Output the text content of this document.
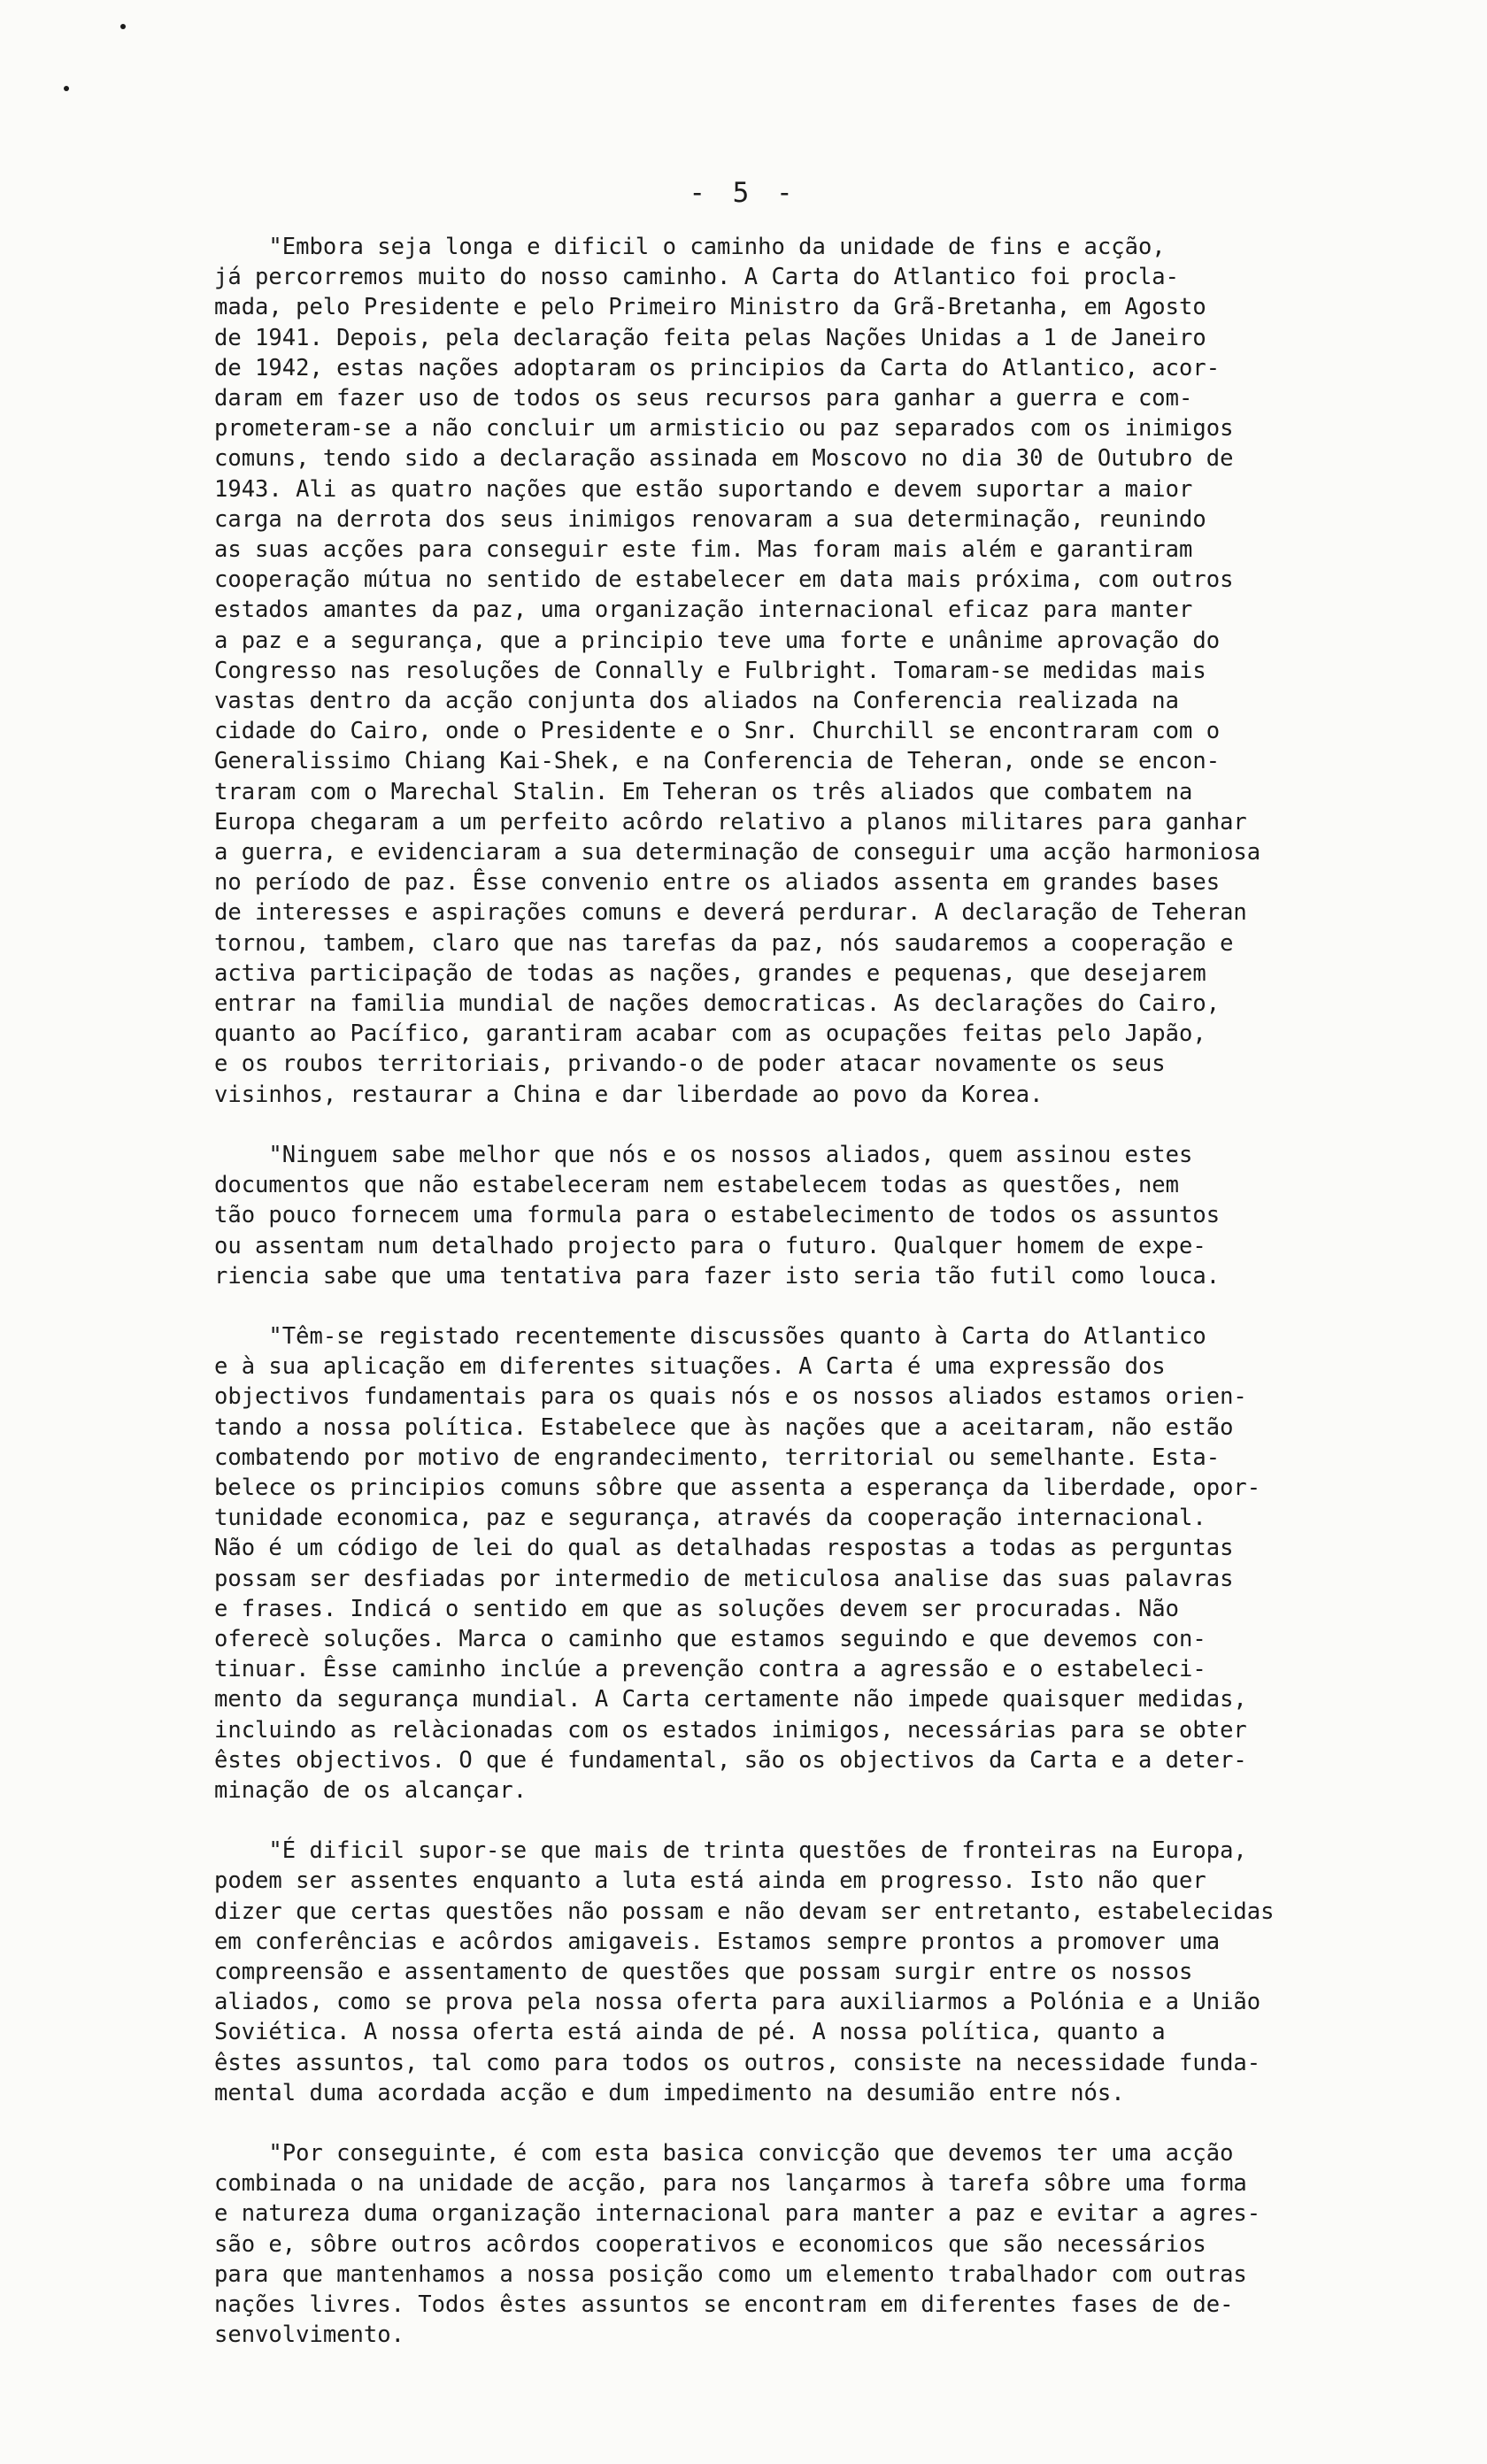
- 5 -

"Embora seja longa e dificil o caminho da unidade de fins e acção,
já percorremos muito do nosso caminho. A Carta do Atlantico foi procla-
mada, pelo Presidente e pelo Primeiro Ministro da Grã-Bretanha, em Agosto
de 1941. Depois, pela declaração feita pelas Nações Unidas a 1 de Janeiro
de 1942, estas nações adoptaram os principios da Carta do Atlantico, acor-
daram em fazer uso de todos os seus recursos para ganhar a guerra e com-
prometeram-se a não concluir um armisticio ou paz separados com os inimigos
comuns, tendo sido a declaração assinada em Moscovo no dia 30 de Outubro de
1943. Ali as quatro nações que estão suportando e devem suportar a maior
carga na derrota dos seus inimigos renovaram a sua determinação, reunindo
as suas acções para conseguir este fim. Mas foram mais além e garantiram
cooperação mútua no sentido de estabelecer em data mais próxima, com outros
estados amantes da paz, uma organização internacional eficaz para manter
a paz e a segurança, que a principio teve uma forte e unânime aprovação do
Congresso nas resoluções de Connally e Fulbright. Tomaram-se medidas mais
vastas dentro da acção conjunta dos aliados na Conferencia realizada na
cidade do Cairo, onde o Presidente e o Snr. Churchill se encontraram com o
Generalissimo Chiang Kai-Shek, e na Conferencia de Teheran, onde se encon-
traram com o Marechal Stalin. Em Teheran os três aliados que combatem na
Europa chegaram a um perfeito acôrdo relativo a planos militares para ganhar
a guerra, e evidenciaram a sua determinação de conseguir uma acção harmoniosa
no período de paz. Êsse convenio entre os aliados assenta em grandes bases
de interesses e aspirações comuns e deverá perdurar. A declaração de Teheran
tornou, tambem, claro que nas tarefas da paz, nós saudaremos a cooperação e
activa participação de todas as nações, grandes e pequenas, que desejarem
entrar na familia mundial de nações democraticas. As declarações do Cairo,
quanto ao Pacífico, garantiram acabar com as ocupações feitas pelo Japão,
e os roubos territoriais, privando-o de poder atacar novamente os seus
visinhos, restaurar a China e dar liberdade ao povo da Korea.

"Ninguem sabe melhor que nós e os nossos aliados, quem assinou estes
documentos que não estabeleceram nem estabelecem todas as questões, nem
tão pouco fornecem uma formula para o estabelecimento de todos os assuntos
ou assentam num detalhado projecto para o futuro. Qualquer homem de expe-
riencia sabe que uma tentativa para fazer isto seria tão futil como louca.

"Têm-se registado recentemente discussões quanto à Carta do Atlantico
e à sua aplicação em diferentes situações. A Carta é uma expressão dos
objectivos fundamentais para os quais nós e os nossos aliados estamos orien-
tando a nossa política. Estabelece que às nações que a aceitaram, não estão
combatendo por motivo de engrandecimento, territorial ou semelhante. Esta-
belece os principios comuns sôbre que assenta a esperança da liberdade, opor-
tunidade economica, paz e segurança, através da cooperação internacional.
Não é um código de lei do qual as detalhadas respostas a todas as perguntas
possam ser desfiadas por intermedio de meticulosa analise das suas palavras
e frases. Indicá o sentido em que as soluções devem ser procuradas. Não
oferecè soluções. Marca o caminho que estamos seguindo e que devemos con-
tinuar. Êsse caminho inclúe a prevenção contra a agressão e o estabeleci-
mento da segurança mundial. A Carta certamente não impede quaisquer medidas,
incluindo as relàcionadas com os estados inimigos, necessárias para se obter
êstes objectivos. O que é fundamental, são os objectivos da Carta e a deter-
minação de os alcançar.

"É dificil supor-se que mais de trinta questões de fronteiras na Europa,
podem ser assentes enquanto a luta está ainda em progresso. Isto não quer
dizer que certas questões não possam e não devam ser entretanto, estabelecidas
em conferências e acôrdos amigaveis. Estamos sempre prontos a promover uma
compreensão e assentamento de questões que possam surgir entre os nossos
aliados, como se prova pela nossa oferta para auxiliarmos a Polónia e a União
Soviética. A nossa oferta está ainda de pé. A nossa política, quanto a
êstes assuntos, tal como para todos os outros, consiste na necessidade funda-
mental duma acordada acção e dum impedimento na desumião entre nós.

"Por conseguinte, é com esta basica convicção que devemos ter uma acção
combinada o na unidade de acção, para nos lançarmos à tarefa sôbre uma forma
e natureza duma organização internacional para manter a paz e evitar a agres-
são e, sôbre outros acôrdos cooperativos e economicos que são necessários
para que mantenhamos a nossa posição como um elemento trabalhador com outras
nações livres. Todos êstes assuntos se encontram em diferentes fases de de-
senvolvimento.
